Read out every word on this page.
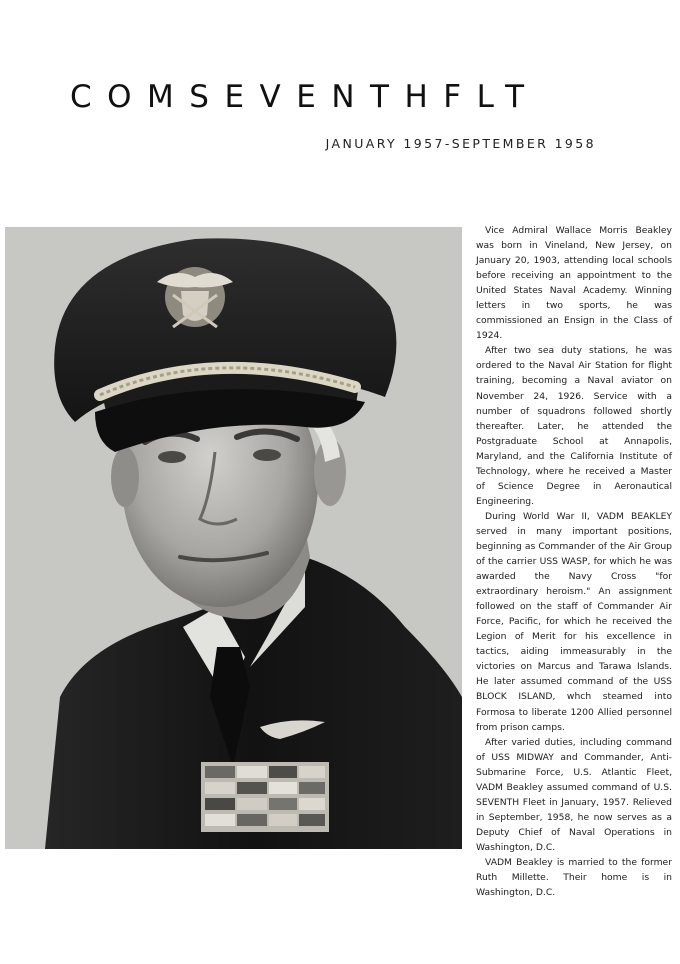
COMSEVENTHFLT
JANUARY 1957-SEPTEMBER 1958

Vice Admiral Wallace Morris Beakley was born in Vineland, New Jersey, on January 20, 1903, attending local schools before receiving an appointment to the United States Naval Academy. Winning letters in two sports, he was commissioned an Ensign in the Class of 1924.

After two sea duty stations, he was ordered to the Naval Air Station for flight training, becoming a Naval aviator on November 24, 1926. Service with a number of squadrons followed shortly thereafter. Later, he attended the Postgraduate School at Annapolis, Maryland, and the California Institute of Technology, where he received a Master of Science Degree in Aeronautical Engineering.

During World War II, VADM BEAKLEY served in many important positions, beginning as Commander of the Air Group of the carrier USS WASP, for which he was awarded the Navy Cross "for extraordinary heroism." An assignment followed on the staff of Commander Air Force, Pacific, for which he received the Legion of Merit for his excellence in tactics, aiding immeasurably in the victories on Marcus and Tarawa Islands. He later assumed command of the USS BLOCK ISLAND, whch steamed into Formosa to liberate 1200 Allied personnel from prison camps.

After varied duties, including command of USS MIDWAY and Commander, Anti-Submarine Force, U.S. Atlantic Fleet, VADM Beakley assumed command of U.S. SEVENTH Fleet in January, 1957. Relieved in September, 1958, he now serves as a Deputy Chief of Naval Operations in Washington, D.C.

VADM Beakley is married to the former Ruth Millette. Their home is in Washington, D.C.
